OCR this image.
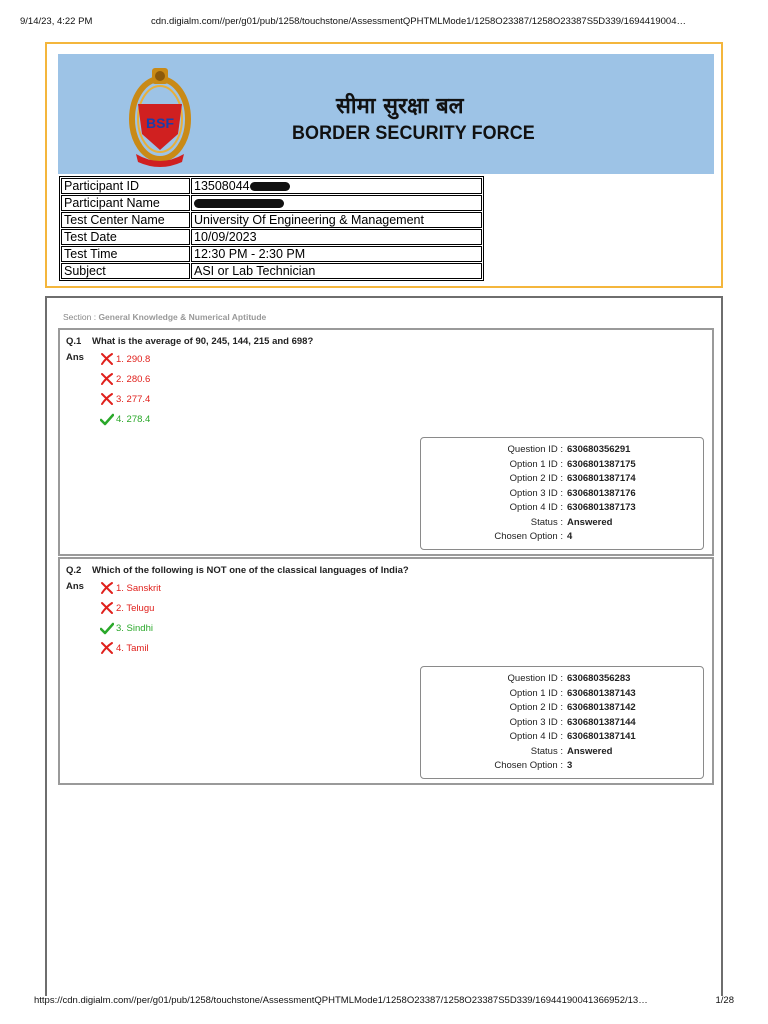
9/14/23, 4:22 PM	cdn.digialm.com//per/g01/pub/1258/touchstone/AssessmentQPHTMLMode1/1258O23387/1258O23387S5D339/1694419004…
BSF
सीमा सुरक्षा बल
BORDER SECURITY FORCE
Participant ID	13508044
Participant Name	
Test Center Name	University Of Engineering & Management
Test Date	10/09/2023
Test Time	12:30 PM - 2:30 PM
Subject	ASI or Lab Technician
Section : General Knowledge & Numerical Aptitude
Q.1 What is the average of 90, 245, 144, 215 and 698?
Ans	1. 290.8
2. 280.6
3. 277.4
4. 278.4
Question ID : 630680356291
Option 1 ID : 6306801387175
Option 2 ID : 6306801387174
Option 3 ID : 6306801387176
Option 4 ID : 6306801387173
Status : Answered
Chosen Option : 4
Q.2 Which of the following is NOT one of the classical languages of India?
Ans	1. Sanskrit
2. Telugu
3. Sindhi
4. Tamil
Question ID : 630680356283
Option 1 ID : 6306801387143
Option 2 ID : 6306801387142
Option 3 ID : 6306801387144
Option 4 ID : 6306801387141
Status : Answered
Chosen Option : 3
https://cdn.digialm.com//per/g01/pub/1258/touchstone/AssessmentQPHTMLMode1/1258O23387/1258O23387S5D339/16944190041366952/13…	1/28
